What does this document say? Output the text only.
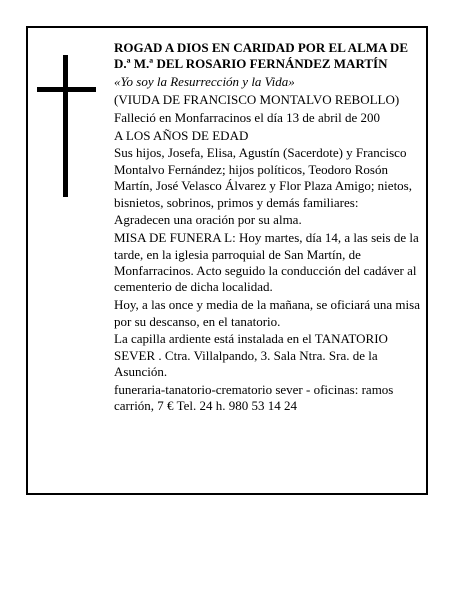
ROGAD A DIOS EN CARIDAD POR EL ALMA DE D.ª M.ª DEL ROSARIO FERNÁNDEZ MARTÍN

«Yo soy la Resurrección y la Vida»

(VIUDA DE FRANCISCO MONTALVO REBOLLO)

Falleció en Monfarracinos el día 13 de abril de 200

A LOS AÑOS DE EDAD

Sus hijos, Josefa, Elisa, Agustín (Sacerdote) y Francisco Montalvo Fernández; hijos políticos, Teodoro Rosón Martín, José Velasco Álvarez y Flor Plaza Amigo; nietos, bisnietos, sobrinos, primos y demás familiares:

Agradecen una oración por su alma.

MISA DE FUNERA L: Hoy martes, día 14, a las seis de la tarde, en la iglesia parroquial de San Martín, de Monfarracinos. Acto seguido la conducción del cadáver al cementerio de dicha localidad.

Hoy, a las once y media de la mañana, se oficiará una misa por su descanso, en el tanatorio.

La capilla ardiente está instalada en el TANATORIO SEVER . Ctra. Villalpando, 3. Sala Ntra. Sra. de la Asunción.

funeraria-tanatorio-crematorio sever - oficinas: ramos carrión, 7 € Tel. 24 h. 980 53 14 24
